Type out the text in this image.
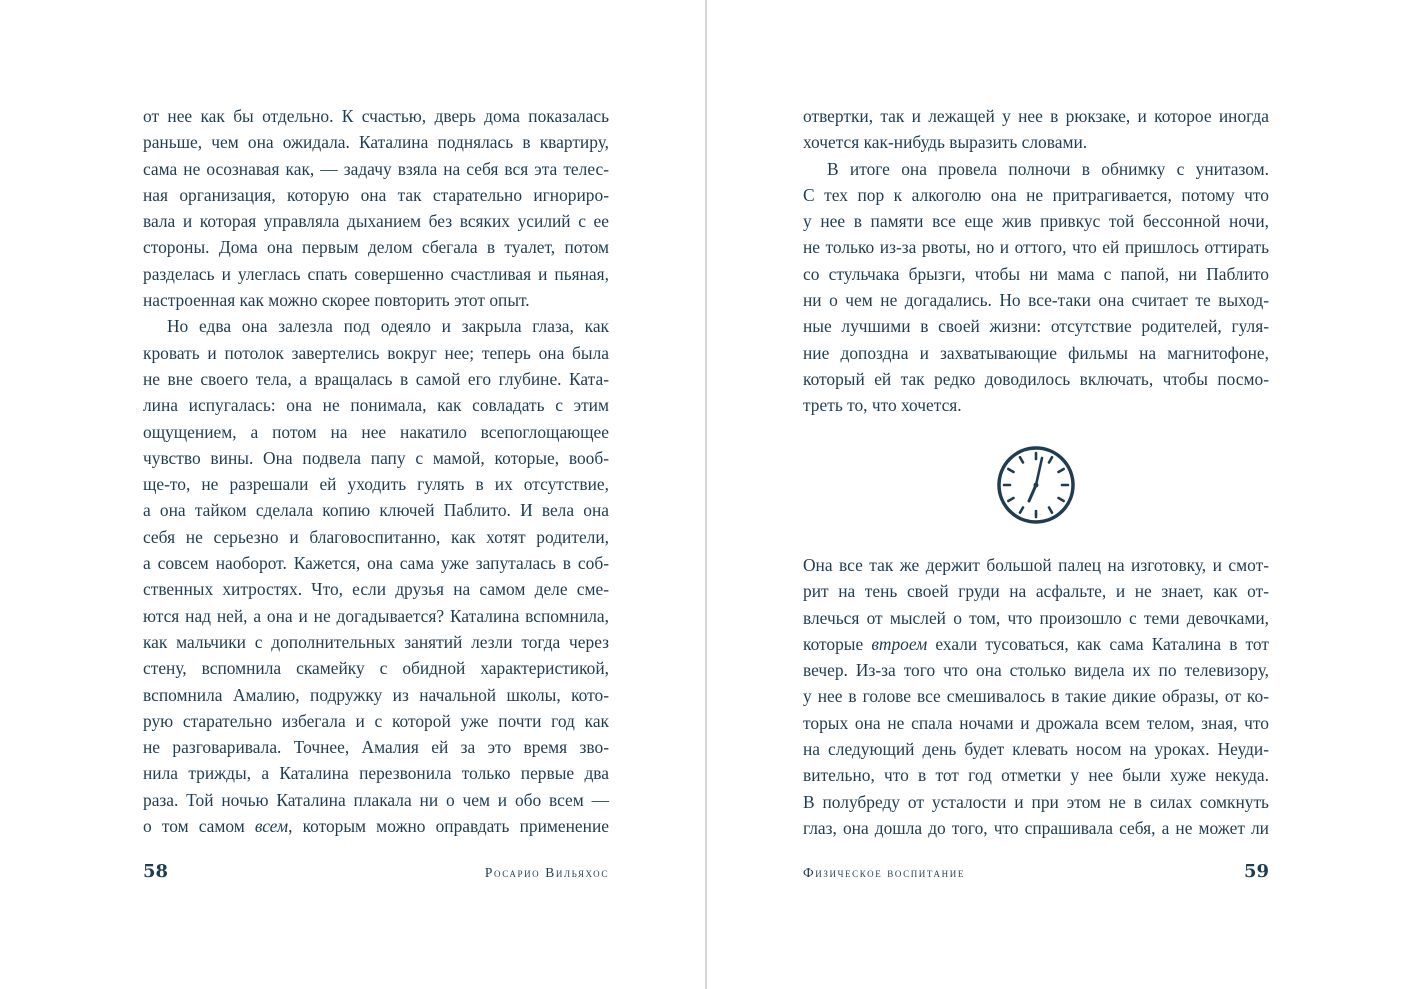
от нее как бы отдельно. К счастью, дверь дома показалась
раньше, чем она ожидала. Каталина поднялась в квартиру,
сама не осознавая как, — задачу взяла на себя вся эта телес-
ная организация, которую она так старательно игнориро-
вала и которая управляла дыханием без всяких усилий с ее
стороны. Дома она первым делом сбегала в туалет, потом
разделась и улеглась спать совершенно счастливая и пьяная,
настроенная как можно скорее повторить этот опыт.
Но едва она залезла под одеяло и закрыла глаза, как
кровать и потолок завертелись вокруг нее; теперь она была
не вне своего тела, а вращалась в самой его глубине. Ката-
лина испугалась: она не понимала, как совладать с этим
ощущением, а потом на нее накатило всепоглощающее
чувство вины. Она подвела папу с мамой, которые, вооб-
ще-то, не разрешали ей уходить гулять в их отсутствие,
а она тайком сделала копию ключей Паблито. И вела она
себя не серьезно и благовоспитанно, как хотят родители,
а совсем наоборот. Кажется, она сама уже запуталась в соб-
ственных хитростях. Что, если друзья на самом деле сме-
ются над ней, а она и не догадывается? Каталина вспомнила,
как мальчики с дополнительных занятий лезли тогда через
стену, вспомнила скамейку с обидной характеристикой,
вспомнила Амалию, подружку из начальной школы, кото-
рую старательно избегала и с которой уже почти год как
не разговаривала. Точнее, Амалия ей за это время зво-
нила трижды, а Каталина перезвонила только первые два
раза. Той ночью Каталина плакала ни о чем и обо всем —
о том самом всем, которым можно оправдать применение
58	Росарио Вильяхос
отвертки, так и лежащей у нее в рюкзаке, и которое иногда
хочется как-нибудь выразить словами.
В итоге она провела полночи в обнимку с унитазом.
С тех пор к алкоголю она не притрагивается, потому что
у нее в памяти все еще жив привкус той бессонной ночи,
не только из-за рвоты, но и оттого, что ей пришлось оттирать
со стульчака брызги, чтобы ни мама с папой, ни Паблито
ни о чем не догадались. Но все-таки она считает те выход-
ные лучшими в своей жизни: отсутствие родителей, гуля-
ние допоздна и захватывающие фильмы на магнитофоне,
который ей так редко доводилось включать, чтобы посмо-
треть то, что хочется.
Она все так же держит большой палец на изготовку, и смот-
рит на тень своей груди на асфальте, и не знает, как от-
влечься от мыслей о том, что произошло с теми девочками,
которые втроем ехали тусоваться, как сама Каталина в тот
вечер. Из-за того что она столько видела их по телевизору,
у нее в голове все смешивалось в такие дикие образы, от ко-
торых она не спала ночами и дрожала всем телом, зная, что
на следующий день будет клевать носом на уроках. Неуди-
вительно, что в тот год отметки у нее были хуже некуда.
В полубреду от усталости и при этом не в силах сомкнуть
глаз, она дошла до того, что спрашивала себя, а не может ли
Физическое воспитание	59
